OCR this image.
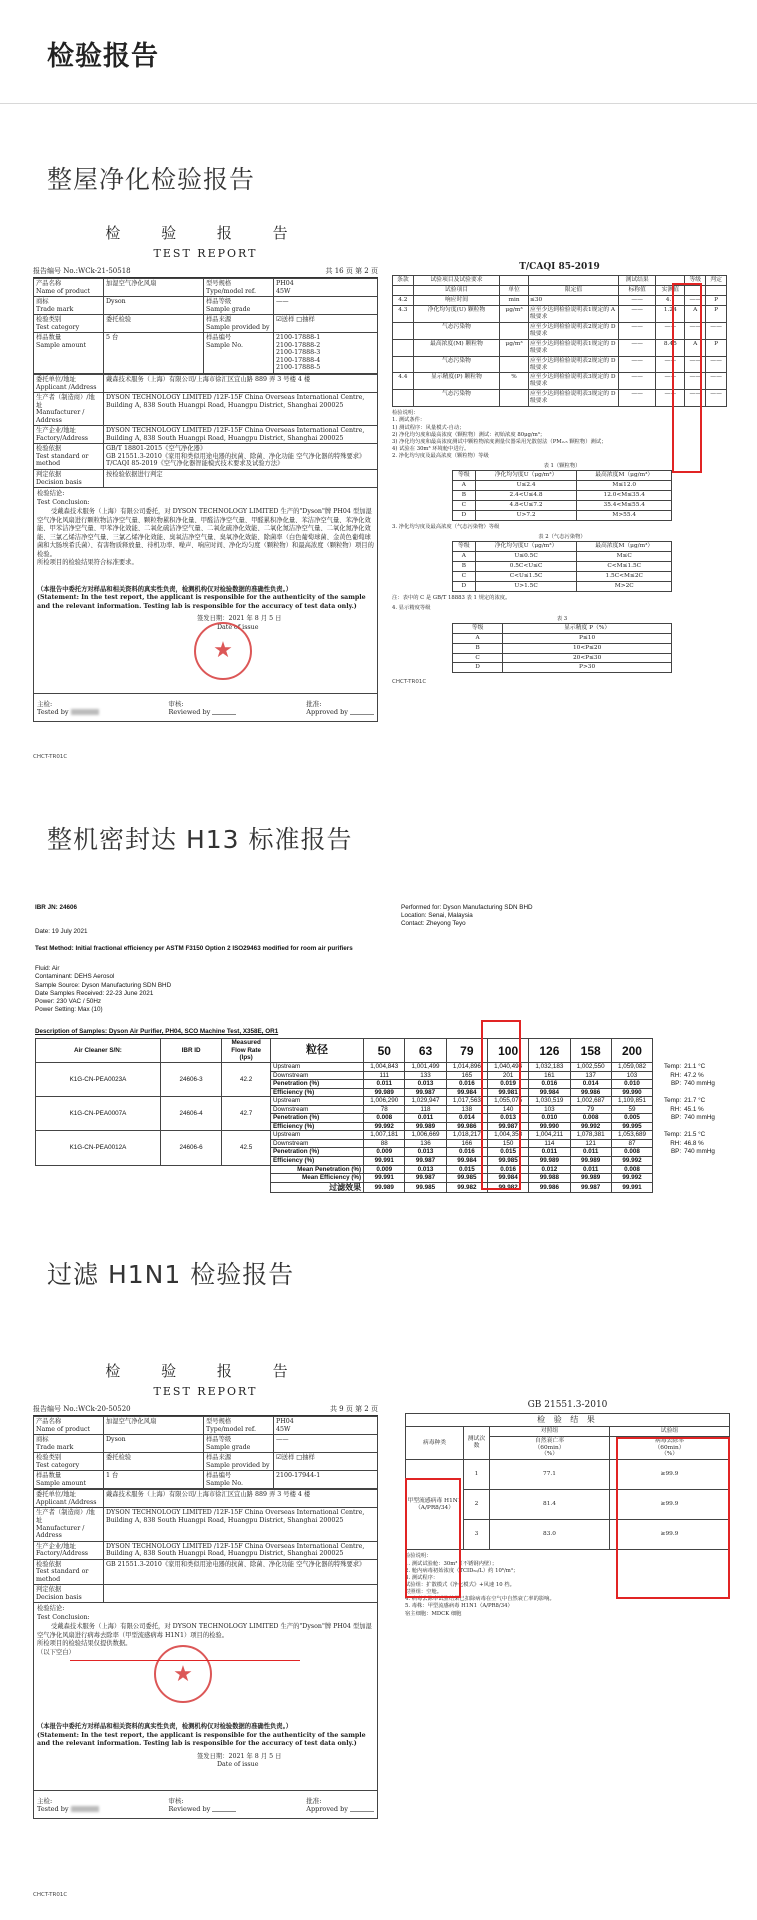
检验报告
整屋净化检验报告
检 验 报 告
TEST REPORT
报告编号 No.:WCk-21-50518	共 16 页 第 2 页
产品名称
Name of product	加湿空气净化风扇	型号规格
Type/model ref.	PH04
45W
商标
Trade mark	Dyson	样品等级
Sample grade	——
检验类别
Test category	委托检验	样品来源
Sample provided by	☑送样 □抽样
样品数量
Sample amount	5 台	样品编号
Sample No.	2100-17888-1
2100-17888-2
2100-17888-3
2100-17888-4
2100-17888-5
委托单位/地址
Applicant /Address	戴森技术服务（上海）有限公司/上海市徐汇区宜山路 889 弄 3 号楼 4 楼
生产者（制造商）/地址
Manufacturer / Address	DYSON TECHNOLOGY LIMITED /12F-15F China Overseas International Centre, Building A, 838 South Huangpi Road, Huangpu District, Shanghai 200025
生产企业/地址
Factory/Address	DYSON TECHNOLOGY LIMITED /12F-15F China Overseas International Centre, Building A, 838 South Huangpi Road, Huangpu District, Shanghai 200025
检验依据
Test standard or method	GB/T 18801-2015《空气净化器》
GB 21551.3-2010《家用和类似用途电器的抗菌、除菌、净化功能 空气净化器的特殊要求》
T/CAQI 85-2019《空气净化器智能模式技术要求及试验方法》
判定依据
Decision basis	按检验依据进行判定
检验结论:
Test Conclusion:
受戴森技术服务（上海）有限公司委托，对 DYSON TECHNOLOGY LIMITED 生产的"Dyson"牌 PH04 型加湿空气净化风扇进行颗粒物洁净空气量、颗粒物累积净化量、甲醛洁净空气量、甲醛累积净化量、苯洁净空气量、苯净化效能、甲苯洁净空气量、甲苯净化效能、二氧化硫洁净空气量、二氧化硫净化效能、二氧化氮洁净空气量、二氧化氮净化效能、三氯乙烯洁净空气量、三氯乙烯净化效能、臭氧洁净空气量、臭氧净化效能、除菌率（白色葡萄球菌、金黄色葡萄球菌和大肠埃希氏菌）、有害物质释放量、待机功率、噪声、响应时间、净化均匀度（颗粒物）和最高浓度（颗粒物）项目的检验。
所检项目的检验结果符合标准要求。
（本报告中委托方对样品和相关资料的真实性负责，检测机构仅对检验数据的准确性负责。）
(Statement: In the test report, the applicant is responsible for the authenticity of the sample and the relevant information. Testing lab is responsible for the accuracy of test data only.)
签发日期：2021 年 8 月 5 日
Date of issue
★
主检:
Tested by
审核:
Reviewed by
批准:
Approved by
CHCT-TR01C
T/CAQI 85-2019
条款	试验项目及试验要求			测试结果		等级	判定
	试验项目	单位	限定值	标称值	实测值		
4.2	响应时间	min	≤30	——	4.1	——	P
4.3	净化均匀度(U) 颗粒物	μg/m³	应至少达到检验说明表1规定的 A 级要求	——	1.24	A	P
	气态污染物		应至少达到检验说明表2规定的 D 级要求	——	——	——	——
	最高浓度(M) 颗粒物	μg/m³	应至少达到检验说明表1规定的 D 级要求	——	8.45	A	P
	气态污染物		应至少达到检验说明表2规定的 D 级要求	——	——	——	——
4.4	显示精度(P) 颗粒物	%	应至少达到检验说明表3规定的 D 级要求	——	——	——	——
	气态污染物		应至少达到检验说明表3规定的 D 级要求	——	——	——	——
检验说明：
1. 测试条件：
1) 测试程序：风量模式-自动；
2) 净化均匀度和最高浓度（颗粒物）测试：初始浓度 80μg/m³；
3) 净化均匀度和最高浓度测试中颗粒物浓度测量仪器采用光散射法（PM₂.₅ 颗粒物）测试；
4) 试验在 30m³ 环境舱中进行。
2. 净化均匀度及最高浓度（颗粒物）等级
表 1（颗粒物）
等级	净化均匀度U（μg/m³）	最高浓度M（μg/m³）
A	U≤2.4	M≤12.0
B	2.4<U≤4.8	12.0<M≤35.4
C	4.8<U≤7.2	35.4<M≤55.4
D	U>7.2	M>55.4
3. 净化均匀度及最高浓度（气态污染物）等级
表 2（气态污染物）
等级	净化均匀度U（μg/m³）	最高浓度M（μg/m³）
A	U≤0.5C	M≤C
B	0.5C<U≤C	C<M≤1.5C
C	C<U≤1.5C	1.5C<M≤2C
D	U>1.5C	M>2C
注：表中的 C 是 GB/T 18883 表 1 规定的浓度。
4. 显示精度等级
表 3
等级	显示精度 P（%）
A	P≤10
B	10<P≤20
C	20<P≤30
D	P>30
CHCT-TR01C
整机密封达 H13 标准报告
IBR JN: 24606
Date: 19 July 2021
Performed for: Dyson Manufacturing SDN BHD
Location: Senai, Malaysia
Contact: Zheyong Teyo
Test Method: Initial fractional efficiency per ASTM F3150 Option 2 ISO29463 modified for room air purifiers
Fluid: Air
Contaminant: DEHS Aerosol
Sample Source: Dyson Manufacturing SDN BHD
Date Samples Received: 22-23 June 2021
Power: 230 VAC / 50Hz
Power Setting: Max (10)
Description of Samples: Dyson Air Purifier, PH04, SCO Machine Test, X358E, OR1
Air Cleaner S/N:	IBR ID	Measured Flow Rate (lps)	粒径	50	63	79	100	126	158	200	
K1G-CN-PEA0023A	24606-3	42.2	Upstream	1,004,843	1,001,499	1,014,896	1,040,494	1,032,183	1,002,550	1,059,082	Temp: 21.1 °C
			Downstream	111	133	165	201	161	137	103	RH: 47.2 %
			Penetration (%)	0.011	0.013	0.016	0.019	0.016	0.014	0.010	BP: 740 mmHg
			Efficiency (%)	99.989	99.987	99.984	99.981	99.984	99.986	99.990	
K1G-CN-PEA0007A	24606-4	42.7	Upstream	1,006,290	1,029,947	1,017,563	1,055,075	1,030,519	1,002,687	1,109,851	Temp: 21.7 °C
			Downstream	78	118	138	140	103	79	59	RH: 45.1 %
			Penetration (%)	0.008	0.011	0.014	0.013	0.010	0.008	0.005	BP: 740 mmHg
			Efficiency (%)	99.992	99.989	99.986	99.987	99.990	99.992	99.995	
K1G-CN-PEA0012A	24606-6	42.5	Upstream	1,007,181	1,006,669	1,018,217	1,004,358	1,004,211	1,078,381	1,053,689	Temp: 21.5 °C
			Downstream	88	136	166	150	114	121	87	RH: 46.8 %
			Penetration (%)	0.009	0.013	0.016	0.015	0.011	0.011	0.008	BP: 740 mmHg
			Efficiency (%)	99.991	99.987	99.984	99.985	99.989	99.989	99.992	
			Mean Penetration (%)	0.009	0.013	0.015	0.016	0.012	0.011	0.008	
			Mean Efficiency (%)	99.991	99.987	99.985	99.984	99.988	99.989	99.992	
			过滤效果	99.989	99.985	99.982	99.982	99.986	99.987	99.991	
过滤 H1N1 检验报告
检 验 报 告
TEST REPORT
报告编号 No.:WCk-20-50520	共 9 页 第 2 页
产品名称
Name of product	加湿空气净化风扇	型号规格
Type/model ref.	PH04
45W
商标
Trade mark	Dyson	样品等级
Sample grade	——
检验类别
Test category	委托检验	样品来源
Sample provided by	☑送样 □抽样
样品数量
Sample amount	1 台	样品编号
Sample No.	2100-17944-1
委托单位/地址
Applicant /Address	戴森技术服务（上海）有限公司/上海市徐汇区宜山路 889 弄 3 号楼 4 楼
生产者（制造商）/地址
Manufacturer / Address	DYSON TECHNOLOGY LIMITED /12F-15F China Overseas International Centre, Building A, 838 South Huangpi Road, Huangpu District, Shanghai 200025
生产企业/地址
Factory/Address	DYSON TECHNOLOGY LIMITED /12F-15F China Overseas International Centre, Building A, 838 South Huangpi Road, Huangpu District, Shanghai 200025
检验依据
Test standard or method	GB 21551.3-2010《家用和类似用途电器的抗菌、除菌、净化功能 空气净化器的特殊要求》
判定依据
Decision basis	
检验结论:
Test Conclusion:
受戴森技术服务（上海）有限公司委托，对 DYSON TECHNOLOGY LIMITED 生产的"Dyson"牌 PH04 型加湿空气净化风扇进行病毒去除率（甲型流感病毒 H1N1）项目的检验。
所检项目的检验结果仅提供数据。
（以下空白）
（本报告中委托方对样品和相关资料的真实性负责，检测机构仅对检验数据的准确性负责。）
(Statement: In the test report, the applicant is responsible for the authenticity of the sample and the relevant information. Testing lab is responsible for the accuracy of test data only.)
签发日期：2021 年 8 月 5 日
Date of issue
★
主检:
Tested by
审核:
Reviewed by
批准:
Approved by
CHCT-TR01C
GB 21551.3-2010
检 验 结 果			
病毒种类	测试次数	对照组	试验组
		自然衰亡率
（60min）
（%）	病毒去除率
（60min）
（%）
甲型流感病毒 H1N1（A/PR8/34）	1	77.1	≥99.9
	2	81.4	≥99.9
	3	83.0	≥99.9
检验说明：
1. 测试试验舱：30m³（不锈钢内壁）；
2. 舱内病毒初始浓度（TCID₅₀/L）约 10⁶/m³；
3. 测试程序：
试验组：扩散模式《净化模式》+风速 10 档。
对照组：空舱。
4. 病毒去除率试验结果已扣除病毒在空气中自然衰亡率的影响。
5. 毒株：甲型流感病毒 H1N1（A/PR8/34）
宿主细胞：MDCK 细胞
